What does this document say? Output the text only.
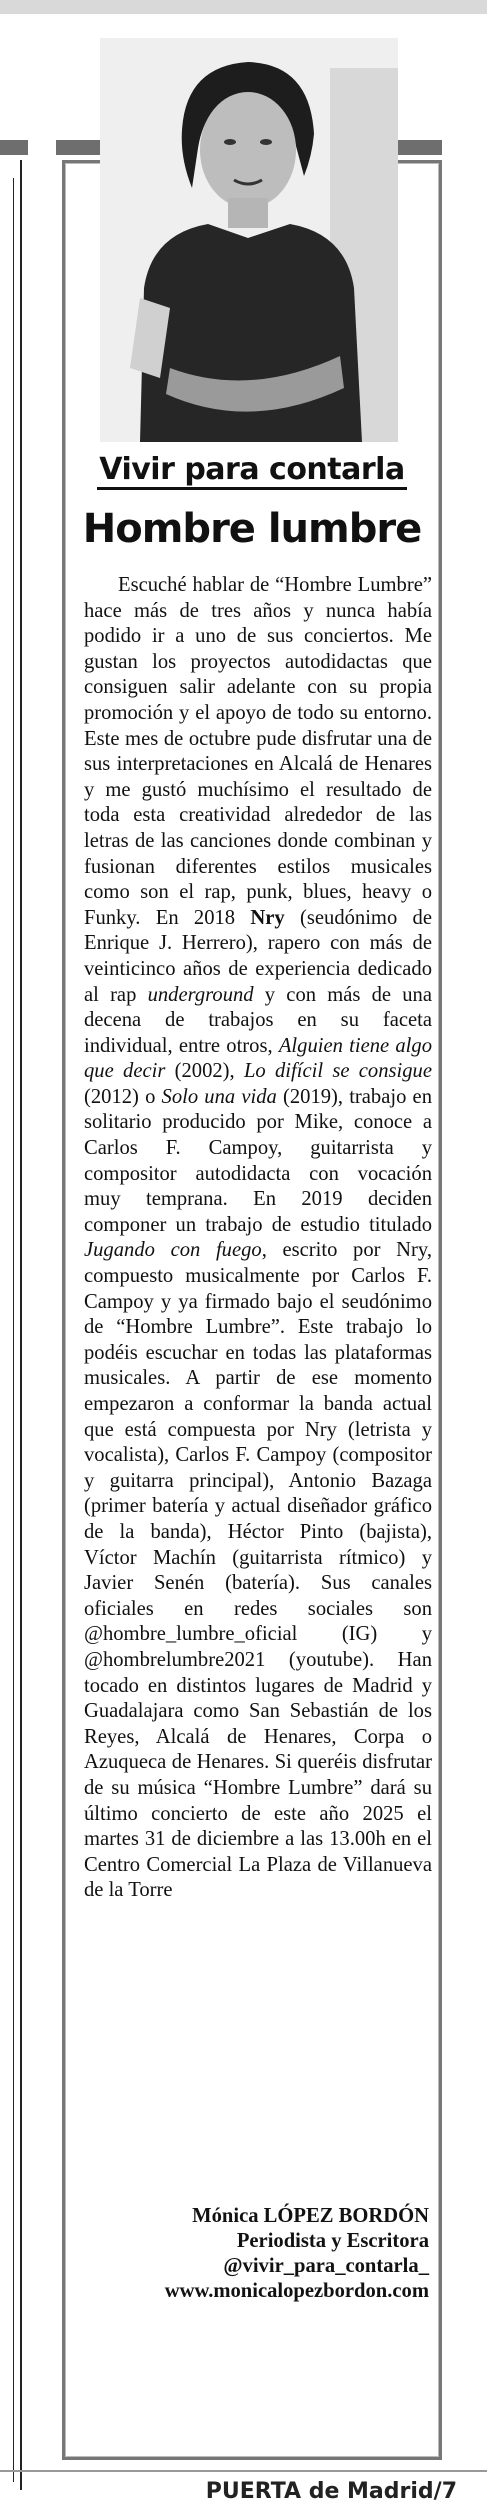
Vivir para contarla
Hombre lumbre
Escuché hablar de “Hombre Lumbre” hace más de tres años y nunca había podido ir a uno de sus conciertos. Me gustan los proyectos autodidactas que consiguen salir adelante con su propia promoción y el apoyo de todo su entorno. Este mes de octubre pude disfrutar una de sus interpretaciones en Alcalá de Henares y me gustó muchísimo el resultado de toda esta creatividad alrededor de las letras de las canciones donde combinan y fusionan diferentes estilos musicales como son el rap, punk, blues, heavy o Funky. En 2018 Nry (seudónimo de Enrique J. Herrero), rapero con más de veinticinco años de experiencia dedicado al rap underground y con más de una decena de trabajos en su faceta individual, entre otros, Alguien tiene algo que decir (2002), Lo difícil se consigue (2012) o Solo una vida (2019), trabajo en solitario producido por Mike, conoce a Carlos F. Campoy, guitarrista y compositor autodidacta con vocación muy temprana. En 2019 deciden componer un trabajo de estudio titulado Jugando con fuego, escrito por Nry, compuesto musicalmente por Carlos F. Campoy y ya firmado bajo el seudónimo de “Hombre Lumbre”. Este trabajo lo podéis escuchar en todas las plataformas musicales. A partir de ese momento empezaron a conformar la banda actual que está compuesta por Nry (letrista y vocalista), Carlos F. Campoy (compositor y guitarra principal), Antonio Bazaga (primer batería y actual diseñador gráfico de la banda), Héctor Pinto (bajista), Víctor Machín (guitarrista rítmico) y Javier Senén (batería). Sus canales oficiales en redes sociales son @hombre_lumbre_oficial (IG) y @hombrelumbre2021 (youtube). Han tocado en distintos lugares de Madrid y Guadalajara como San Sebastián de los Reyes, Alcalá de Henares, Corpa o Azuqueca de Henares. Si queréis disfrutar de su música “Hombre Lumbre” dará su último concierto de este año 2025 el martes 31 de diciembre a las 13.00h en el Centro Comercial La Plaza de Villanueva de la Torre
Mónica LÓPEZ BORDÓN
Periodista y Escritora
@vivir_para_contarla_
www.monicalopezbordon.com
PUERTA de Madrid/7
